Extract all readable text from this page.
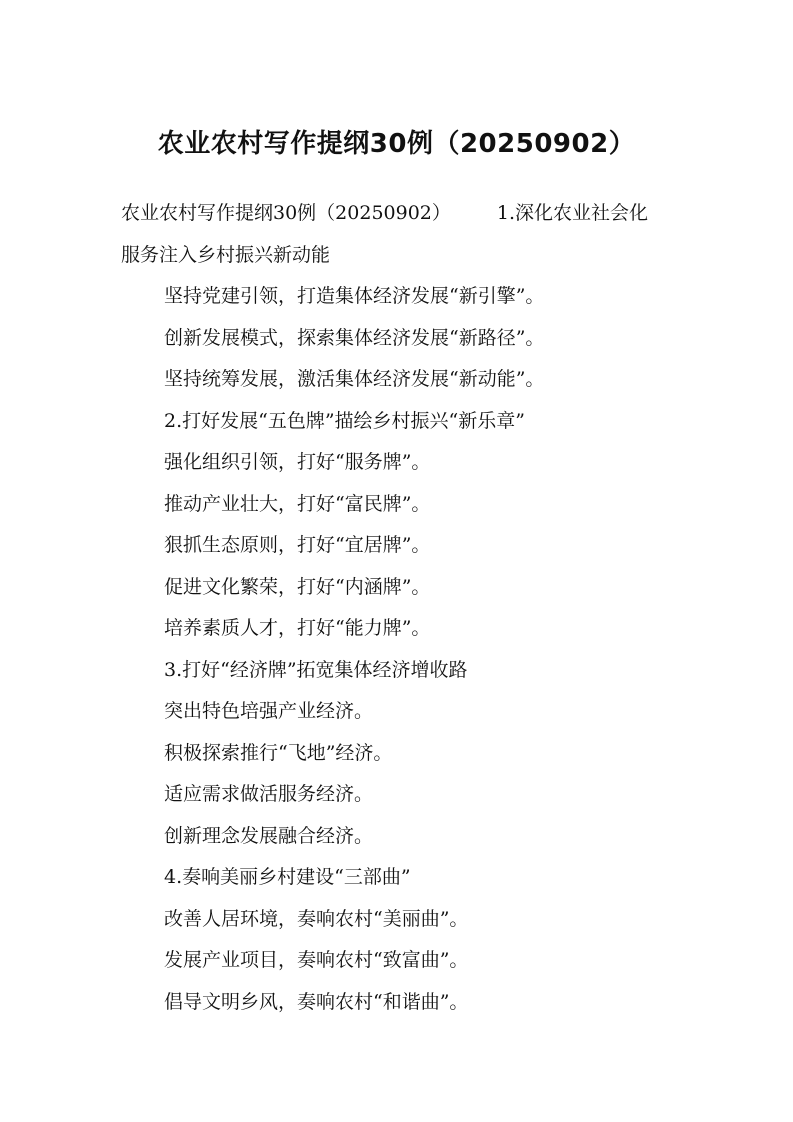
农业农村写作提纲30例（20250902）
农业农村写作提纲30例（20250902） 1.深化农业社会化
服务注入乡村振兴新动能
坚持党建引领，打造集体经济发展“新引擎”。
创新发展模式，探索集体经济发展“新路径”。
坚持统筹发展，激活集体经济发展“新动能”。
2.打好发展“五色牌”描绘乡村振兴“新乐章”
强化组织引领，打好“服务牌”。
推动产业壮大，打好“富民牌”。
狠抓生态原则，打好“宜居牌”。
促进文化繁荣，打好“内涵牌”。
培养素质人才，打好“能力牌”。
3.打好“经济牌”拓宽集体经济增收路
突出特色培强产业经济。
积极探索推行“飞地”经济。
适应需求做活服务经济。
创新理念发展融合经济。
4.奏响美丽乡村建设“三部曲”
改善人居环境，奏响农村“美丽曲”。
发展产业项目，奏响农村“致富曲”。
倡导文明乡风，奏响农村“和谐曲”。
